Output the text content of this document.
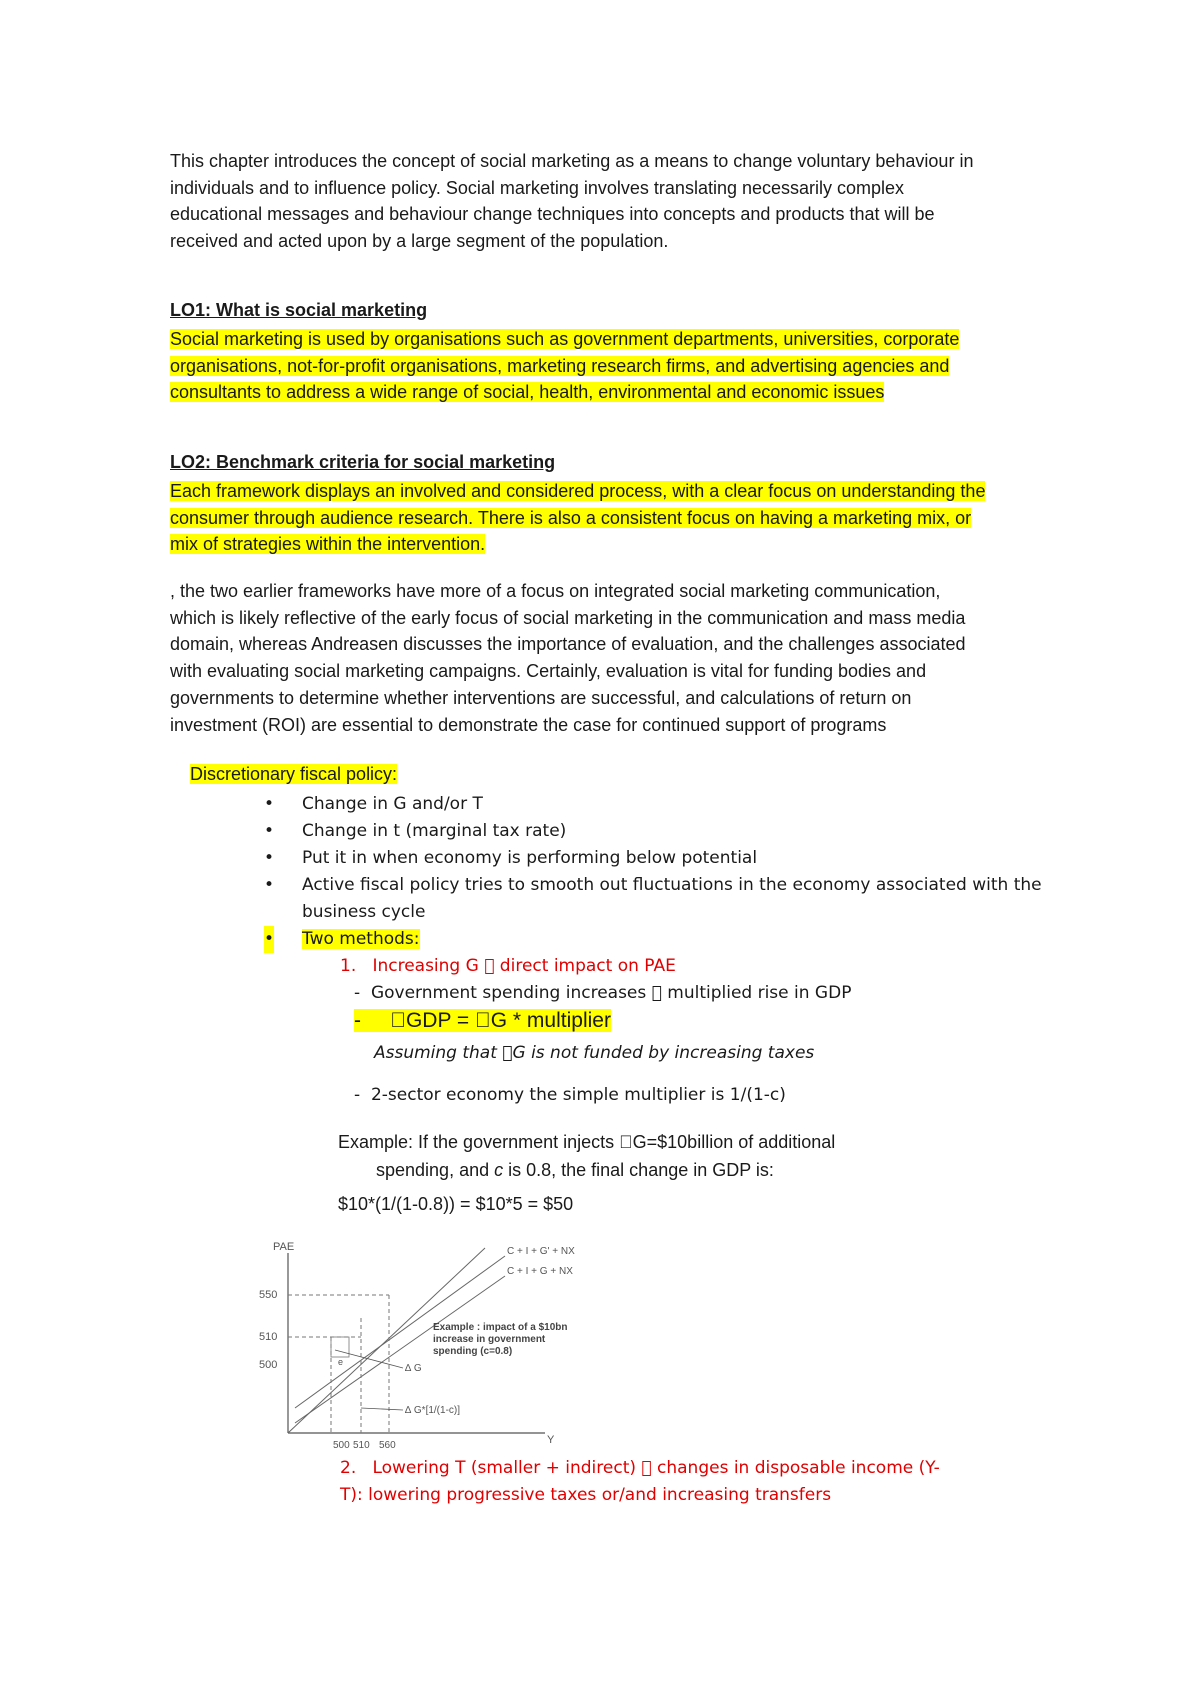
This chapter introduces the concept of social marketing as a means to change voluntary behaviour in individuals and to influence policy. Social marketing involves translating necessarily complex educational messages and behaviour change techniques into concepts and products that will be received and acted upon by a large segment of the population.

LO1: What is social marketing

Social marketing is used by organisations such as government departments, universities, corporate organisations, not-for-profit organisations, marketing research firms, and advertising agencies and consultants to address a wide range of social, health, environmental and economic issues

LO2: Benchmark criteria for social marketing

Each framework displays an involved and considered process, with a clear focus on understanding the consumer through audience research. There is also a consistent focus on having a marketing mix, or mix of strategies within the intervention.

, the two earlier frameworks have more of a focus on integrated social marketing communication, which is likely reflective of the early focus of social marketing in the communication and mass media domain, whereas Andreasen discusses the importance of evaluation, and the challenges associated with evaluating social marketing campaigns. Certainly, evaluation is vital for funding bodies and governments to determine whether interventions are successful, and calculations of return on investment (ROI) are essential to demonstrate the case for continued support of programs

Discretionary fiscal policy:

• Change in G and/or T
• Change in t (marginal tax rate)
• Put it in when economy is performing below potential
• Active fiscal policy tries to smooth out fluctuations in the economy associated with the business cycle
• Two methods:

1. Increasing G direct impact on PAE

- Government spending increases multiplied rise in GDP

-      GDP = G * multiplier

Assuming that G is not funded by increasing taxes

- 2-sector economy the simple multiplier is 1/(1-c)

Example: If the government injects G=$10billion of additional
spending, and c is 0.8, the final change in GDP is:

$10*(1/(1-0.8)) = $10*5 = $50

PAE
Y
550
510
500
500 510 560
C + I + G' + NX
C + I + G + NX
e
∆ G
∆ G*[1/(1-c)]
Example : impact of a $10bn
increase in government
spending (c=0.8)

2. Lowering T (smaller + indirect) changes in disposable income (Y-T): lowering progressive taxes or/and increasing transfers
